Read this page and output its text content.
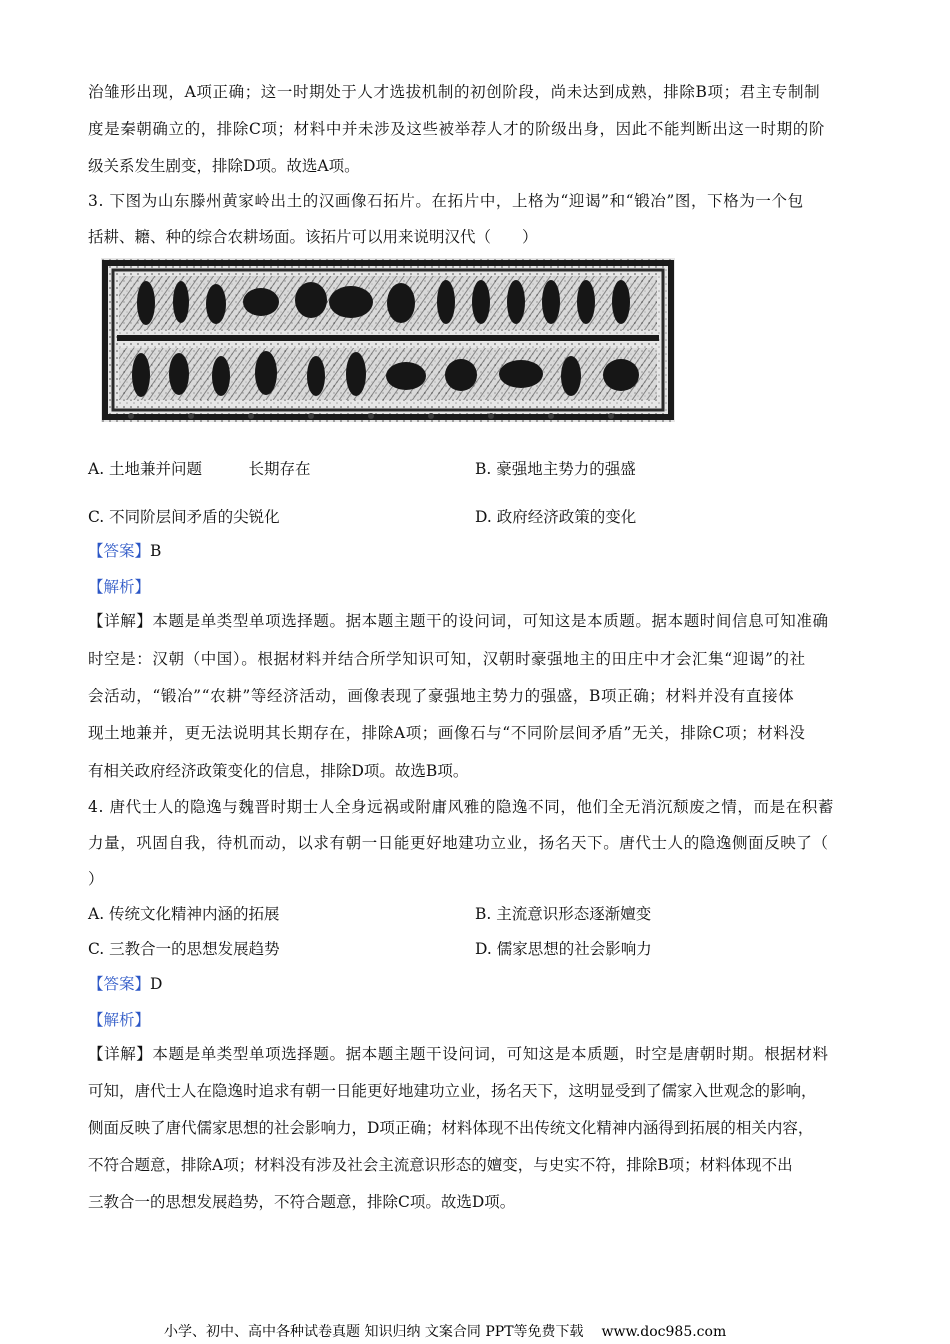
治雏形出现，A项正确；这一时期处于人才选拔机制的初创阶段，尚未达到成熟，排除B项；君主专制制
度是秦朝确立的，排除C项；材料中并未涉及这些被举荐人才的阶级出身，因此不能判断出这一时期的阶
级关系发生剧变，排除D项。故选A项。
3. 下图为山东滕州黄家岭出土的汉画像石拓片。在拓片中，上格为“迎谒”和“锻冶”图，下格为一个包
括耕、耱、种的综合农耕场面。该拓片可以用来说明汉代（　　）
A. 土地兼并问题　　　长期存在	B. 豪强地主势力的强盛
C. 不同阶层间矛盾的尖锐化	D. 政府经济政策的变化
【答案】B
【解析】
【详解】本题是单类型单项选择题。据本题主题干的设问词，可知这是本质题。据本题时间信息可知准确
时空是：汉朝（中国）。根据材料并结合所学知识可知，汉朝时豪强地主的田庄中才会汇集“迎谒”的社
会活动，“锻冶”“农耕”等经济活动，画像表现了豪强地主势力的强盛，B项正确；材料并没有直接体
现土地兼并，更无法说明其长期存在，排除A项；画像石与“不同阶层间矛盾”无关，排除C项；材料没
有相关政府经济政策变化的信息，排除D项。故选B项。
4. 唐代士人的隐逸与魏晋时期士人全身远祸或附庸风雅的隐逸不同，他们全无消沉颓废之情，而是在积蓄
力量，巩固自我，待机而动，以求有朝一日能更好地建功立业，扬名天下。唐代士人的隐逸侧面反映了（
）
A. 传统文化精神内涵的拓展	B. 主流意识形态逐渐嬗变
C. 三教合一的思想发展趋势	D. 儒家思想的社会影响力
【答案】D
【解析】
【详解】本题是单类型单项选择题。据本题主题干设问词，可知这是本质题，时空是唐朝时期。根据材料
可知，唐代士人在隐逸时追求有朝一日能更好地建功立业，扬名天下，这明显受到了儒家入世观念的影响，
侧面反映了唐代儒家思想的社会影响力，D项正确；材料体现不出传统文化精神内涵得到拓展的相关内容，
不符合题意，排除A项；材料没有涉及社会主流意识形态的嬗变，与史实不符，排除B项；材料体现不出
三教合一的思想发展趋势，不符合题意，排除C项。故选D项。
小学、初中、高中各种试卷真题 知识归纳 文案合同 PPT等免费下载 www.doc985.com
